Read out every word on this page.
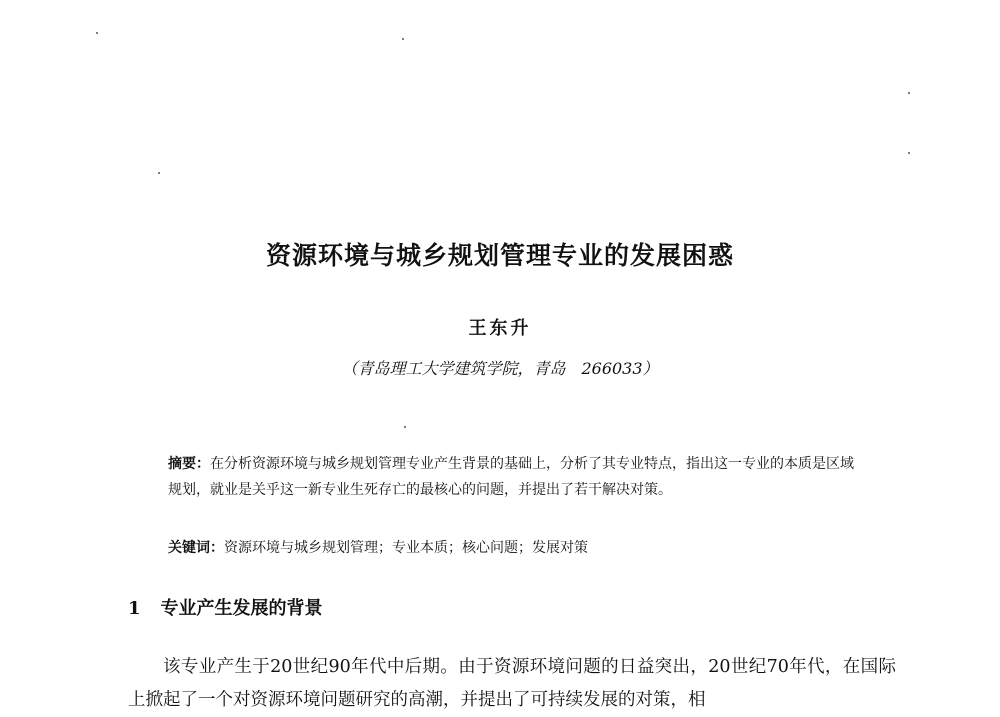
资源环境与城乡规划管理专业的发展困惑
王东升
（青岛理工大学建筑学院，青岛　266033）
摘要：在分析资源环境与城乡规划管理专业产生背景的基础上，分析了其专业特点，指出这一专业的本质是区域规划，就业是关乎这一新专业生死存亡的最核心的问题，并提出了若干解决对策。
关键词：资源环境与城乡规划管理；专业本质；核心问题；发展对策
1 专业产生发展的背景
该专业产生于20世纪90年代中后期。由于资源环境问题的日益突出，20世纪70年代，在国际上掀起了一个对资源环境问题研究的高潮，并提出了可持续发展的对策，相
